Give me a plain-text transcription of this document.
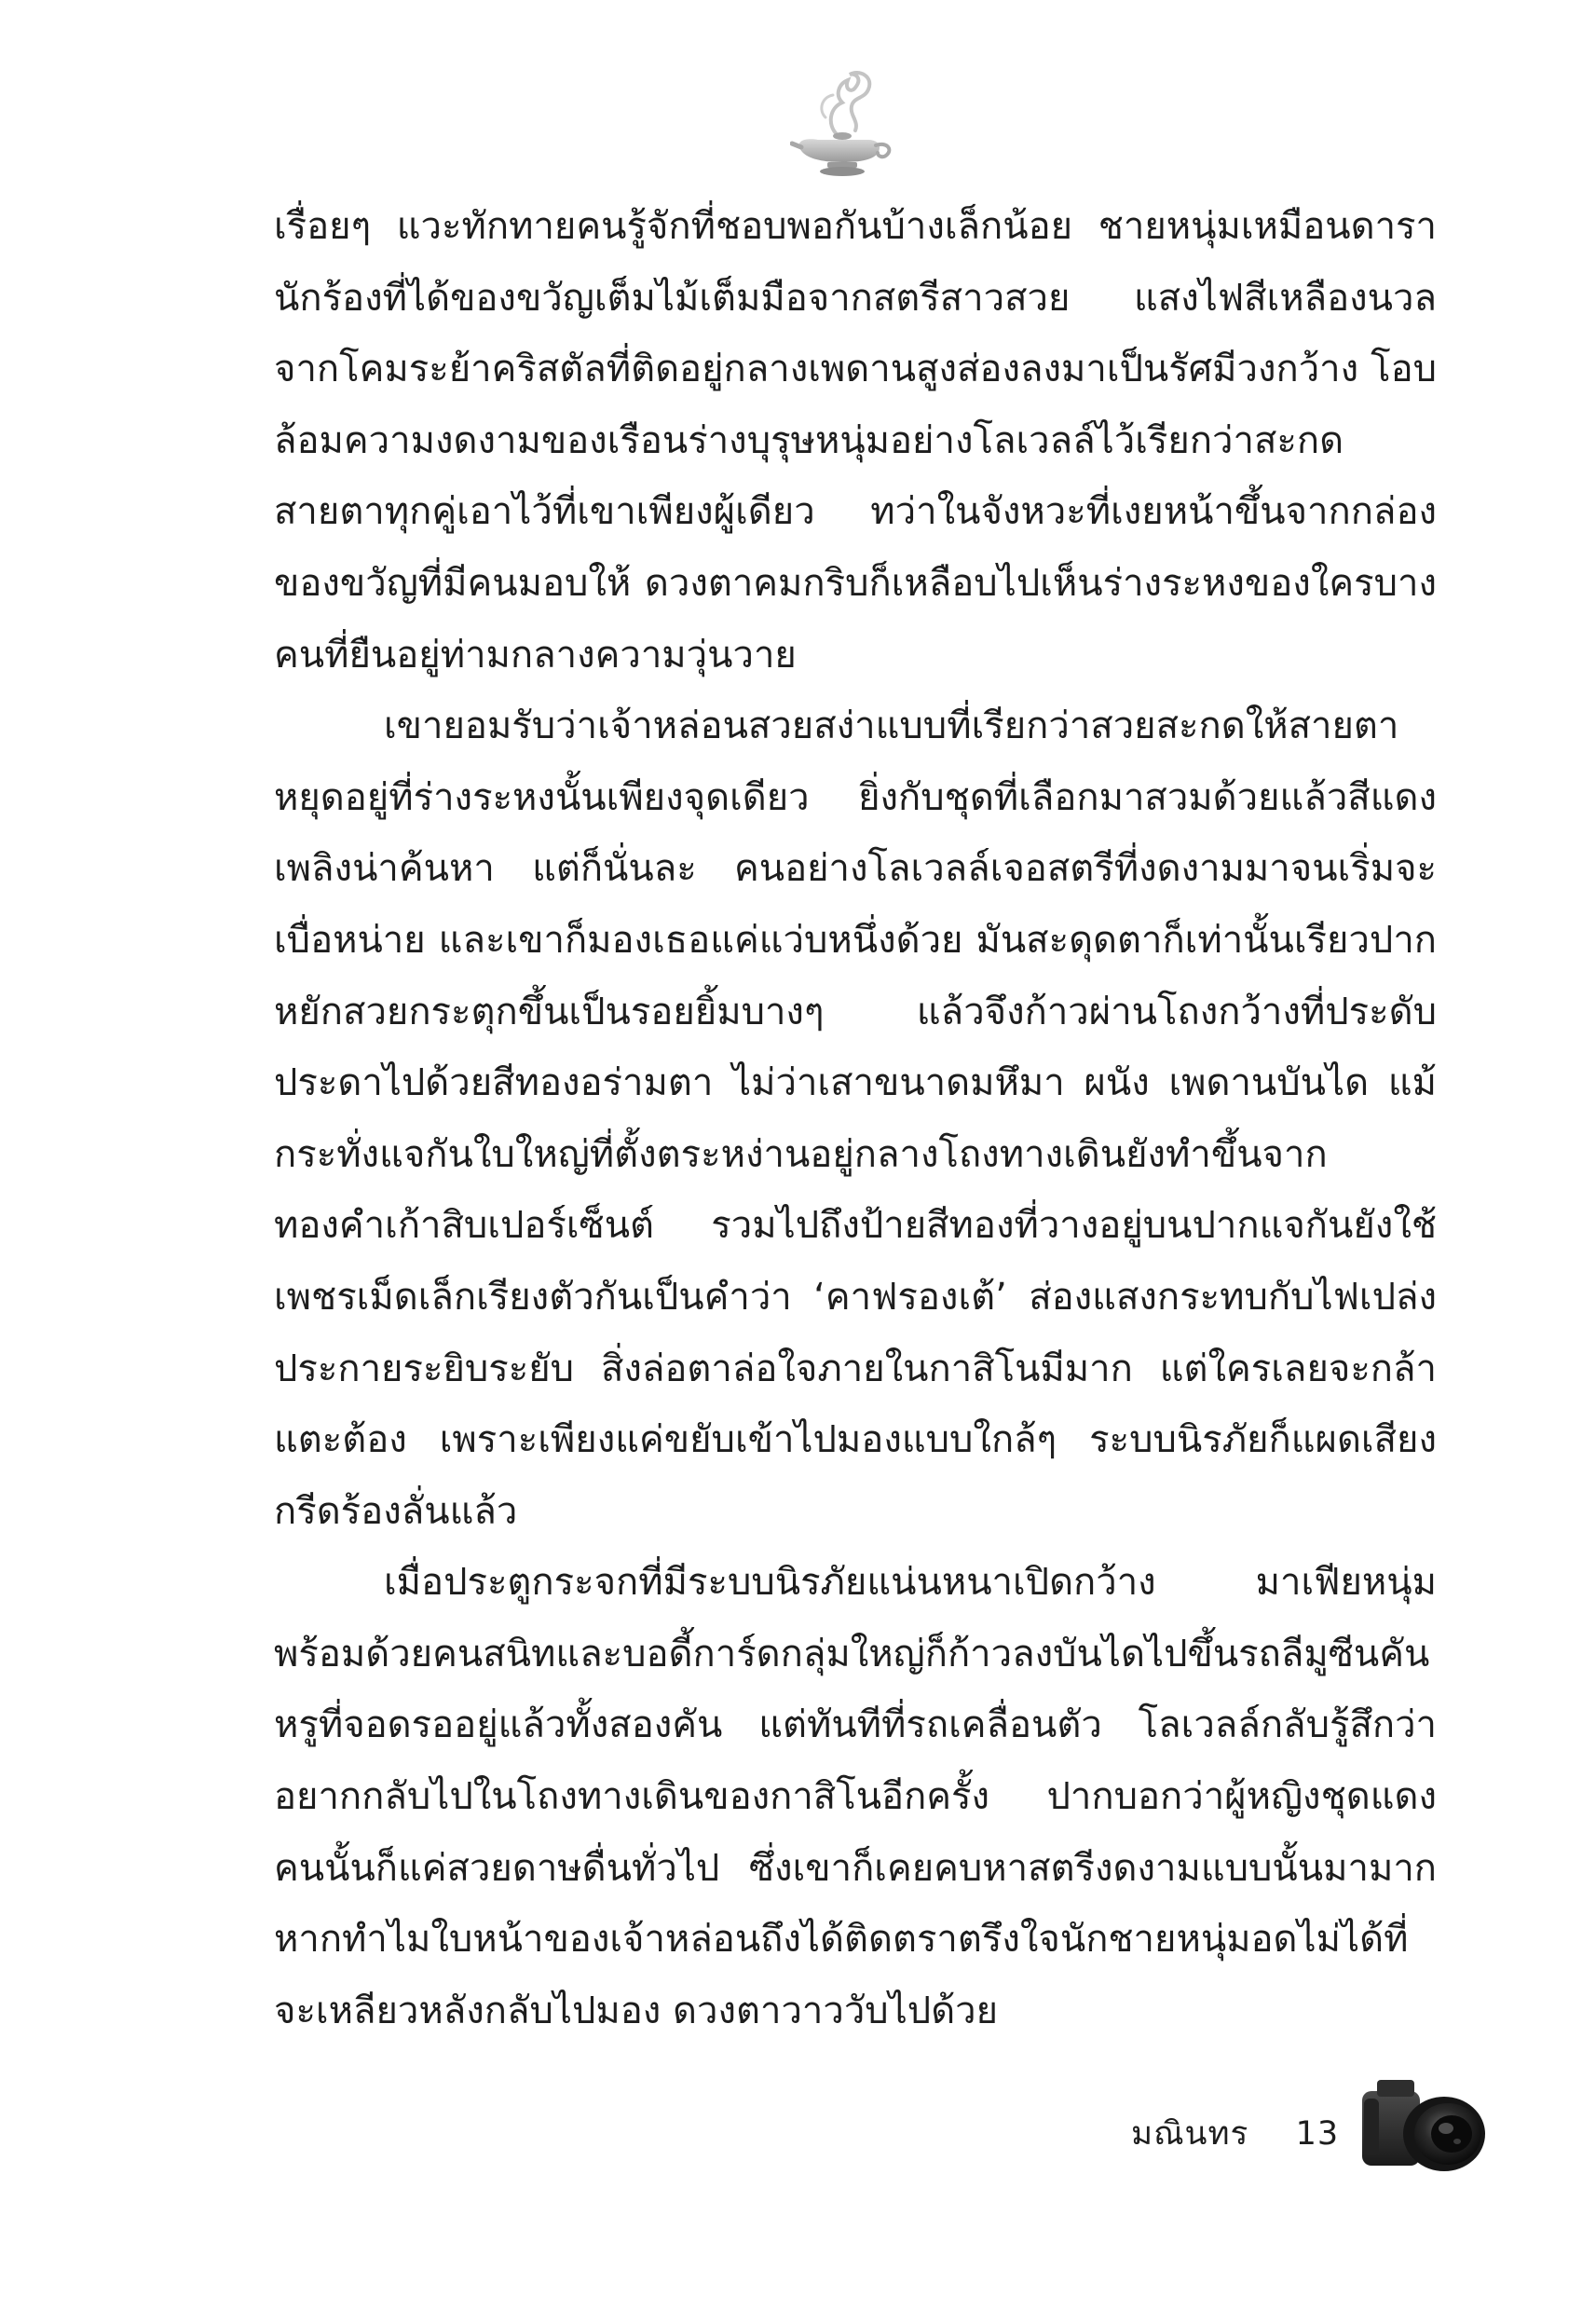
เรื่อยๆ แวะทักทายคนรู้จักที่ชอบพอกันบ้างเล็กน้อย ชายหนุ่มเหมือนดารานักร้องที่ได้ของขวัญเต็มไม้เต็มมือจากสตรีสาวสวย แสงไฟสีเหลืองนวลจากโคมระย้าคริสตัลที่ติดอยู่กลางเพดานสูงส่องลงมาเป็นรัศมีวงกว้าง โอบล้อมความงดงามของเรือนร่างบุรุษหนุ่มอย่างโลเวลล์ไว้เรียกว่าสะกดสายตาทุกคู่เอาไว้ที่เขาเพียงผู้เดียว ทว่าในจังหวะที่เงยหน้าขึ้นจากกล่องของขวัญที่มีคนมอบให้ ดวงตาคมกริบก็เหลือบไปเห็นร่างระหงของใครบางคนที่ยืนอยู่ท่ามกลางความวุ่นวาย

เขายอมรับว่าเจ้าหล่อนสวยสง่าแบบที่เรียกว่าสวยสะกดให้สายตาหยุดอยู่ที่ร่างระหงนั้นเพียงจุดเดียว ยิ่งกับชุดที่เลือกมาสวมด้วยแล้วสีแดงเพลิงน่าค้นหา แต่ก็นั่นละ คนอย่างโลเวลล์เจอสตรีที่งดงามมาจนเริ่มจะเบื่อหน่าย และเขาก็มองเธอแค่แว่บหนึ่งด้วย มันสะดุดตาก็เท่านั้นเรียวปากหยักสวยกระตุกขึ้นเป็นรอยยิ้มบางๆ แล้วจึงก้าวผ่านโถงกว้างที่ประดับประดาไปด้วยสีทองอร่ามตา ไม่ว่าเสาขนาดมหึมา ผนัง เพดานบันได แม้กระทั่งแจกันใบใหญ่ที่ตั้งตระหง่านอยู่กลางโถงทางเดินยังทำขึ้นจากทองคำเก้าสิบเปอร์เซ็นต์ รวมไปถึงป้ายสีทองที่วางอยู่บนปากแจกันยังใช้เพชรเม็ดเล็กเรียงตัวกันเป็นคำว่า ‘คาฟรองเต้’ ส่องแสงกระทบกับไฟเปล่งประกายระยิบระยับ สิ่งล่อตาล่อใจภายในกาสิโนมีมาก แต่ใครเลยจะกล้าแตะต้อง เพราะเพียงแค่ขยับเข้าไปมองแบบใกล้ๆ ระบบนิรภัยก็แผดเสียงกรีดร้องลั่นแล้ว

เมื่อประตูกระจกที่มีระบบนิรภัยแน่นหนาเปิดกว้าง มาเฟียหนุ่มพร้อมด้วยคนสนิทและบอดี้การ์ดกลุ่มใหญ่ก็ก้าวลงบันไดไปขึ้นรถลีมูซีนคันหรูที่จอดรออยู่แล้วทั้งสองคัน แต่ทันทีที่รถเคลื่อนตัว โลเวลล์กลับรู้สึกว่าอยากกลับไปในโถงทางเดินของกาสิโนอีกครั้ง ปากบอกว่าผู้หญิงชุดแดงคนนั้นก็แค่สวยดาษดื่นทั่วไป ซึ่งเขาก็เคยคบหาสตรีงดงามแบบนั้นมามาก หากทำไมใบหน้าของเจ้าหล่อนถึงได้ติดตราตรึงใจนักชายหนุ่มอดไม่ได้ที่จะเหลียวหลังกลับไปมอง ดวงตาวาววับไปด้วย

มณินทร 13
